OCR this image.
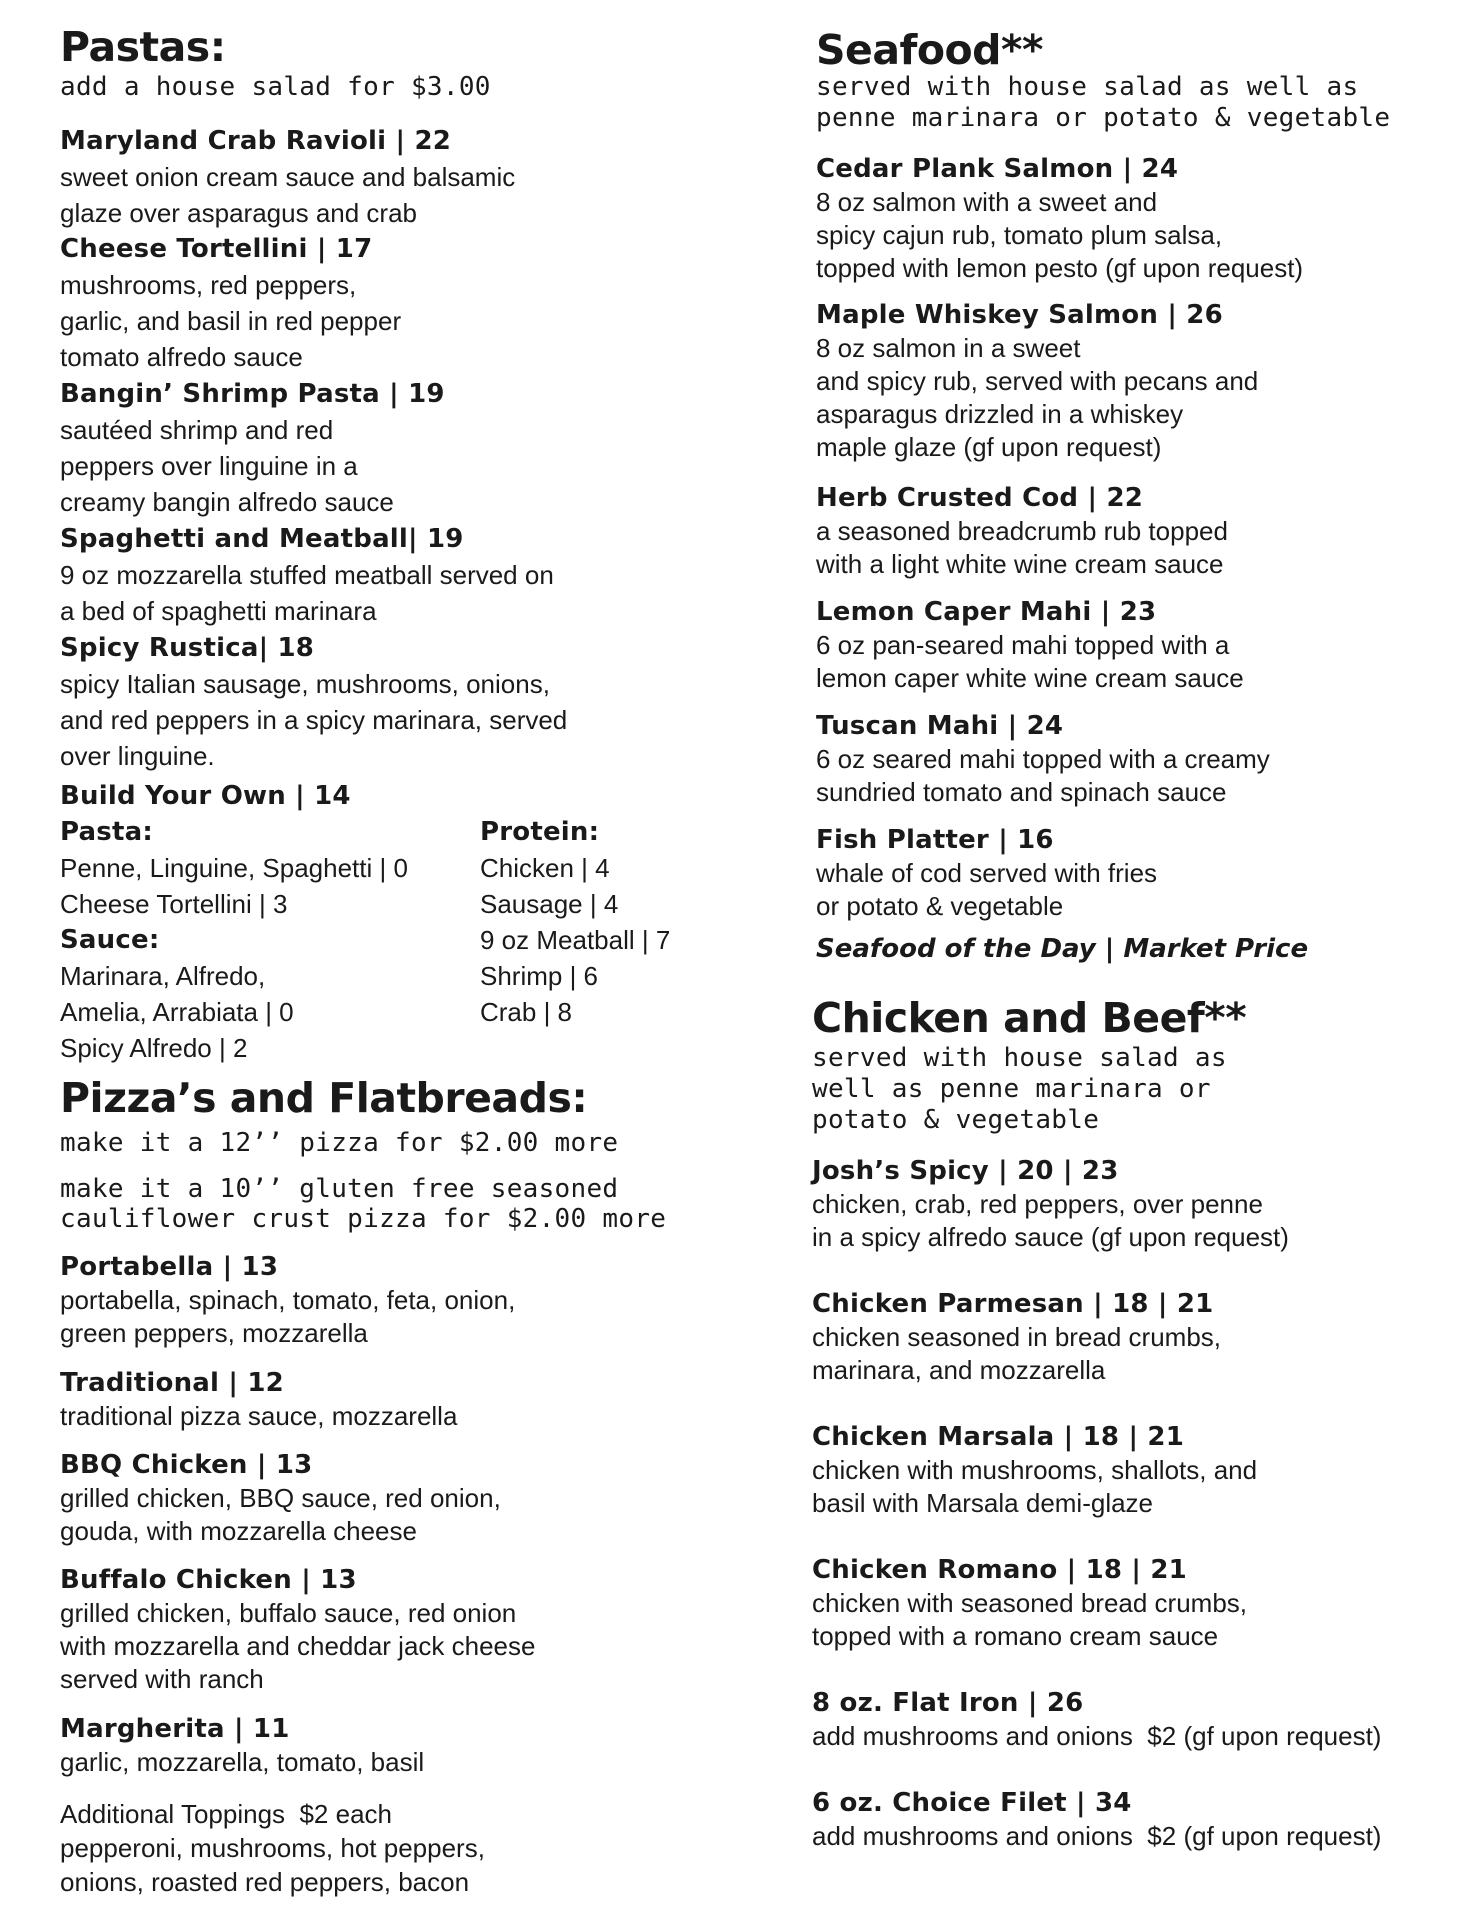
Pastas:
add a house salad for $3.00
Maryland Crab Ravioli | 22
sweet onion cream sauce and balsamic
glaze over asparagus and crab
Cheese Tortellini | 17
mushrooms, red peppers,
garlic, and basil in red pepper
tomato alfredo sauce
Bangin’ Shrimp Pasta | 19
sautéed shrimp and red
peppers over linguine in a
creamy bangin alfredo sauce
Spaghetti and Meatball| 19
9 oz mozzarella stuffed meatball served on
a bed of spaghetti marinara
Spicy Rustica| 18
spicy Italian sausage, mushrooms, onions,
and red peppers in a spicy marinara, served
over linguine.
Build Your Own | 14
Pasta:
Penne, Linguine, Spaghetti | 0
Cheese Tortellini | 3
Sauce:
Marinara, Alfredo,
Amelia, Arrabiata | 0
Spicy Alfredo | 2
Protein:
Chicken | 4
Sausage | 4
9 oz Meatball | 7
Shrimp | 6
Crab | 8
Pizza’s and Flatbreads:
make it a 12’’ pizza for $2.00 more
make it a 10’’ gluten free seasoned
cauliflower crust pizza for $2.00 more
Portabella | 13
portabella, spinach, tomato, feta, onion,
green peppers, mozzarella
Traditional | 12
traditional pizza sauce, mozzarella
BBQ Chicken | 13
grilled chicken, BBQ sauce, red onion,
gouda, with mozzarella cheese
Buffalo Chicken | 13
grilled chicken, buffalo sauce, red onion
with mozzarella and cheddar jack cheese
served with ranch
Margherita | 11
garlic, mozzarella, tomato, basil
Additional Toppings  $2 each
pepperoni, mushrooms, hot peppers,
onions, roasted red peppers, bacon
Seafood**
served with house salad as well as
penne marinara or potato & vegetable
Cedar Plank Salmon | 24
8 oz salmon with a sweet and
spicy cajun rub, tomato plum salsa,
topped with lemon pesto (gf upon request)
Maple Whiskey Salmon | 26
8 oz salmon in a sweet
and spicy rub, served with pecans and
asparagus drizzled in a whiskey
maple glaze (gf upon request)
Herb Crusted Cod | 22
a seasoned breadcrumb rub topped
with a light white wine cream sauce
Lemon Caper Mahi | 23
6 oz pan-seared mahi topped with a
lemon caper white wine cream sauce
Tuscan Mahi | 24
6 oz seared mahi topped with a creamy
sundried tomato and spinach sauce
Fish Platter | 16
whale of cod served with fries
or potato & vegetable
Seafood of the Day | Market Price
Chicken and Beef**
served with house salad as
well as penne marinara or
potato & vegetable
Josh’s Spicy | 20 | 23
chicken, crab, red peppers, over penne
in a spicy alfredo sauce (gf upon request)
Chicken Parmesan | 18 | 21
chicken seasoned in bread crumbs,
marinara, and mozzarella
Chicken Marsala | 18 | 21
chicken with mushrooms, shallots, and
basil with Marsala demi-glaze
Chicken Romano | 18 | 21
chicken with seasoned bread crumbs,
topped with a romano cream sauce
8 oz. Flat Iron | 26
add mushrooms and onions  $2 (gf upon request)
6 oz. Choice Filet | 34
add mushrooms and onions  $2 (gf upon request)
